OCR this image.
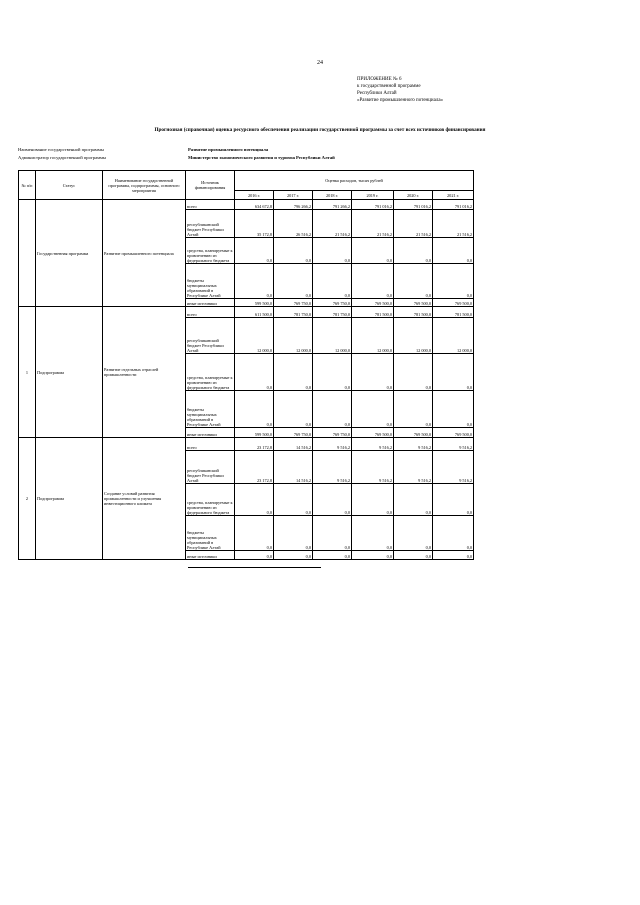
24
ПРИЛОЖЕНИЕ № 6
к государственной программе
Республики Алтай
«Развитие промышленного потенциала»
Прогнозная (справочная) оценка ресурсного обеспечения реализации государственной программы за счет всех источников финансирования
Наименование государственной программы
Администратор государственной программы
Развитие промышленного потенциала
Министерство экономического развития и туризма Республики Алтай
№ п/п	Статус	Наименование государственной программы, подпрограммы, основного мероприятия	Источник финансирования	Оценка расходов, тысяч рублей					
				2016 г.	2017 г.	2018 г.	2019 г.	2020 г.	2021 г.
	Государственная программа	Развитие промышленного потенциала	всего	634 672,8	796 266,2	791 266,2	791 016,2	791 016,2	791 016,2
			республиканский бюджет Республики Алтай	35 172,8	26 516,2	21 516,2	21 516,2	21 516,2	21 516,2
			средства, планируемые к привлечению из федерального бюджета	0,0	0,0	0,0	0,0	0,0	0,0
			бюджеты муниципальных образований в Республике Алтай	0,0	0,0	0,0	0,0	0,0	0,0
			иные источники	599 500,0	769 750,0	769 750,0	769 500,0	769 500,0	769 500,0
1	Подпрограмма	Развитие отдельных отраслей промышленности	всего	611 500,0	781 750,0	781 750,0	781 500,0	781 500,0	781 500,0
			республиканский бюджет Республики Алтай	12 000,0	12 000,0	12 000,0	12 000,0	12 000,0	12 000,0
			средства, планируемые к привлечению из федерального бюджета	0,0	0,0	0,0	0,0	0,0	0,0
			бюджеты муниципальных образований в Республике Алтай	0,0	0,0	0,0	0,0	0,0	0,0
			иные источники	599 500,0	769 750,0	769 750,0	769 500,0	769 500,0	769 500,0
2	Подпрограмма	Создание условий развития промышленности и улучшения инвестиционного климата	всего	23 172,8	14 516,2	9 516,2	9 516,2	9 516,2	9 516,2
			республиканский бюджет Республики Алтай	23 172,8	14 516,2	9 516,2	9 516,2	9 516,2	9 516,2
			средства, планируемые к привлечению из федерального бюджета	0,0	0,0	0,0	0,0	0,0	0,0
			бюджеты муниципальных образований в Республике Алтай	0,0	0,0	0,0	0,0	0,0	0,0
			иные источники	0,0	0,0	0,0	0,0	0,0	0,0
